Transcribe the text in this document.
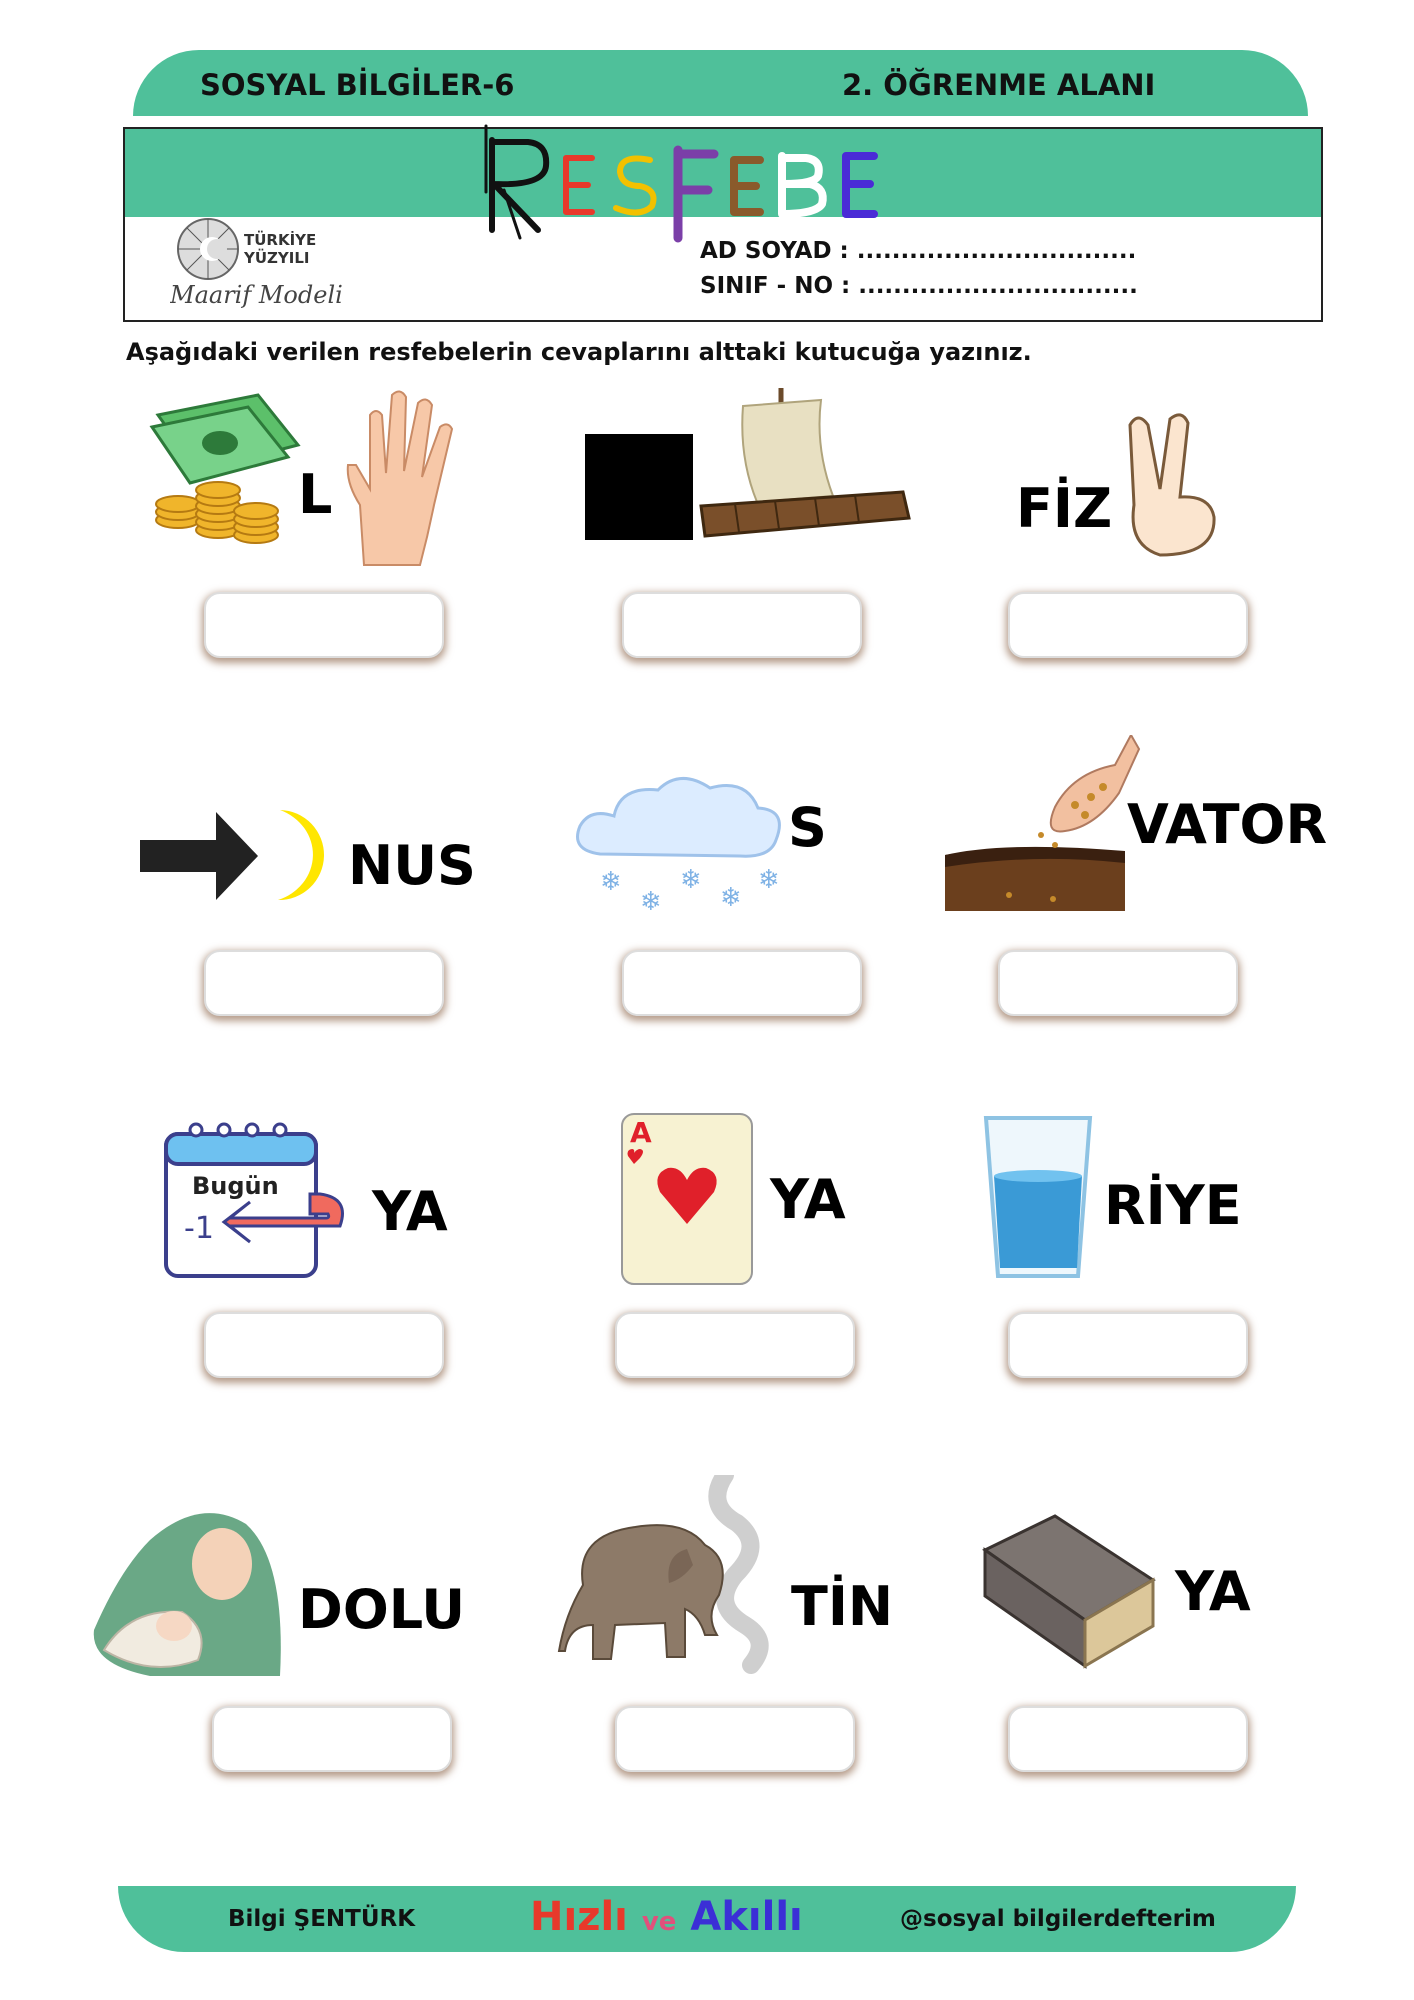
SOSYAL BİLGİLER-6	2. ÖĞRENME ALANI
TÜRKİYE
YÜZYILI
Maarif Modeli
AD SOYAD : ................................
SINIF - NO : ................................
Aşağıdaki verilen resfebelerin cevaplarını alttaki kutucuğa yazınız.
L	FİZ
NUS	❄
❄
❄
❄
❄
S	VATOR
Bugün
-1	YA
A
YA	RİYE
DOLU	TİN	YA
Bilgi ŞENTÜRK	Hızlı ve Akıllı	@sosyal bilgilerdefterim
